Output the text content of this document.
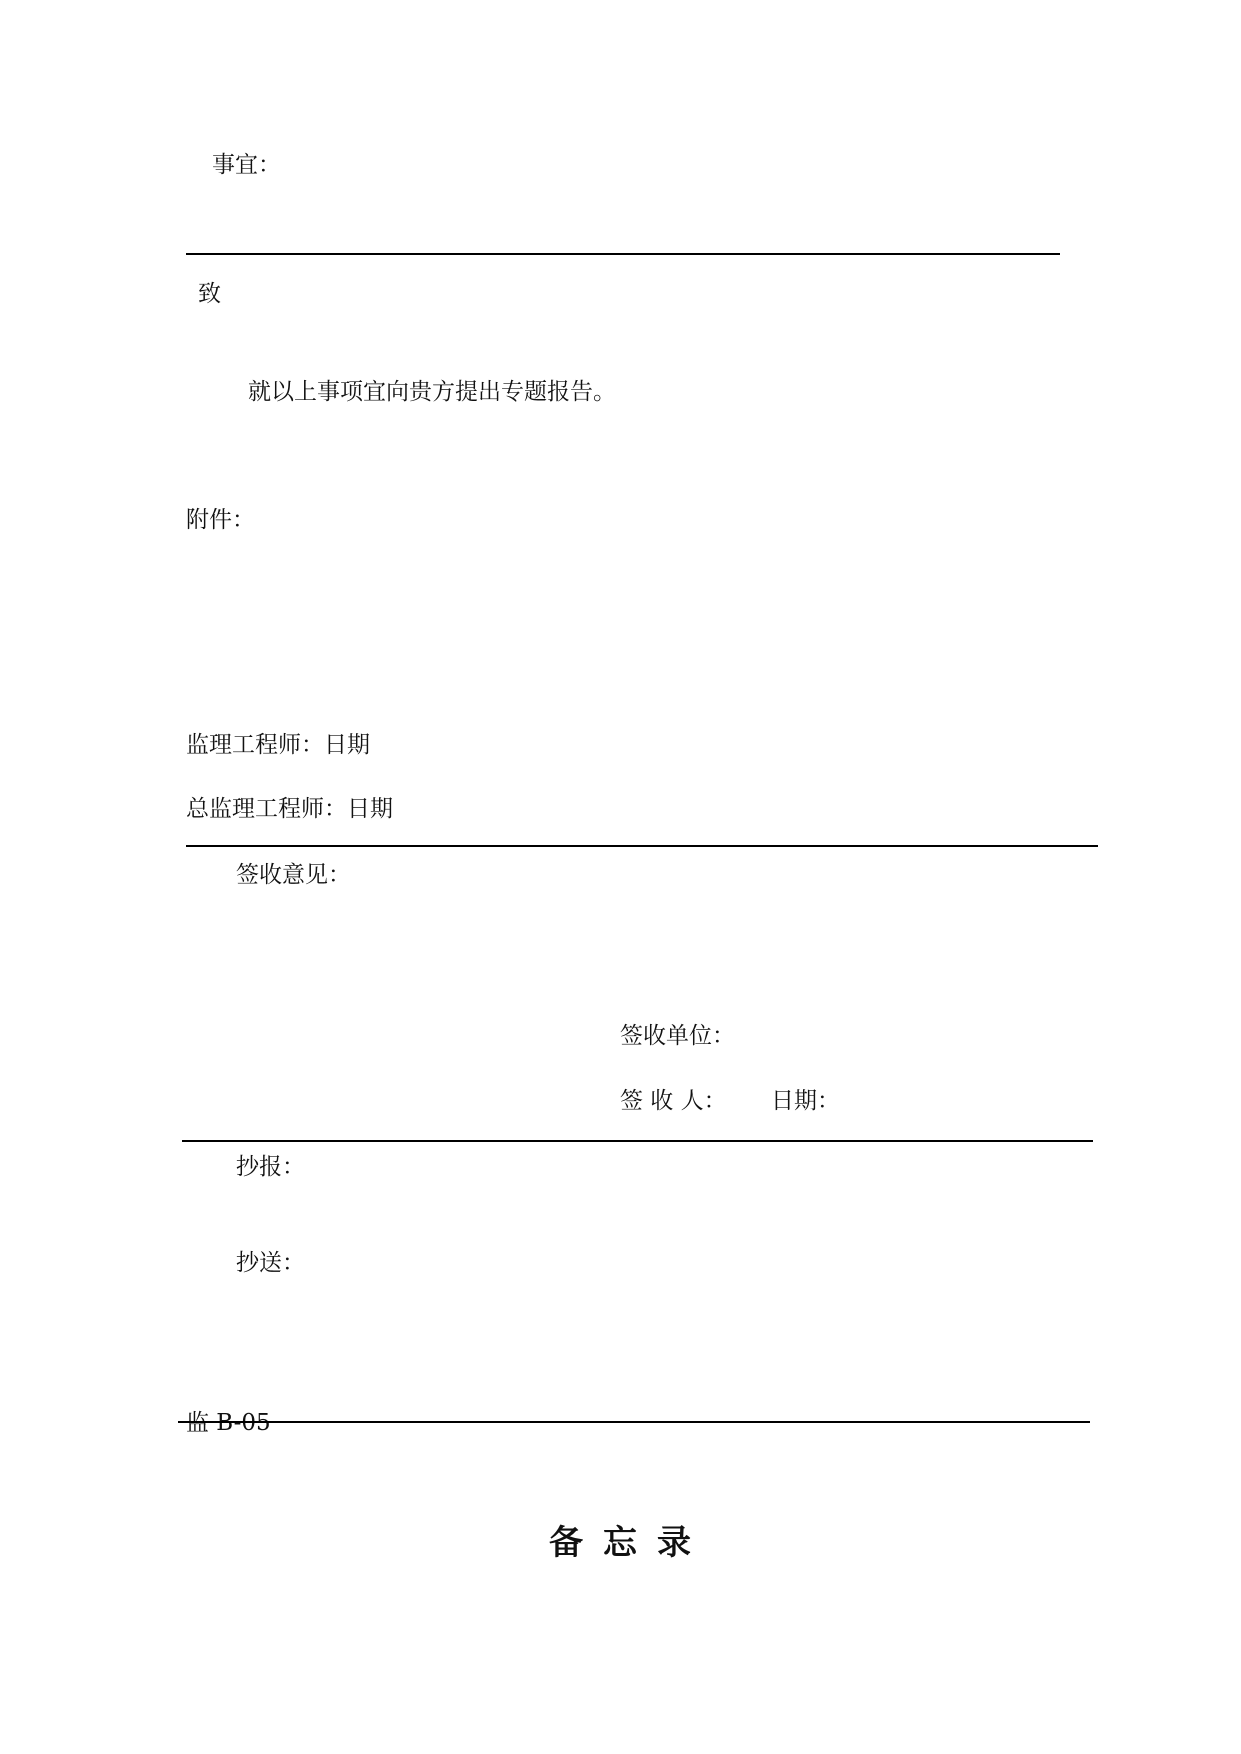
事宜：
致
就以上事项宜向贵方提出专题报告。
附件：
监理工程师：日期
总监理工程师：日期
签收意见：
签收单位：
签 收 人： 日期：
抄报：
抄送：
监 B-05
备忘录
